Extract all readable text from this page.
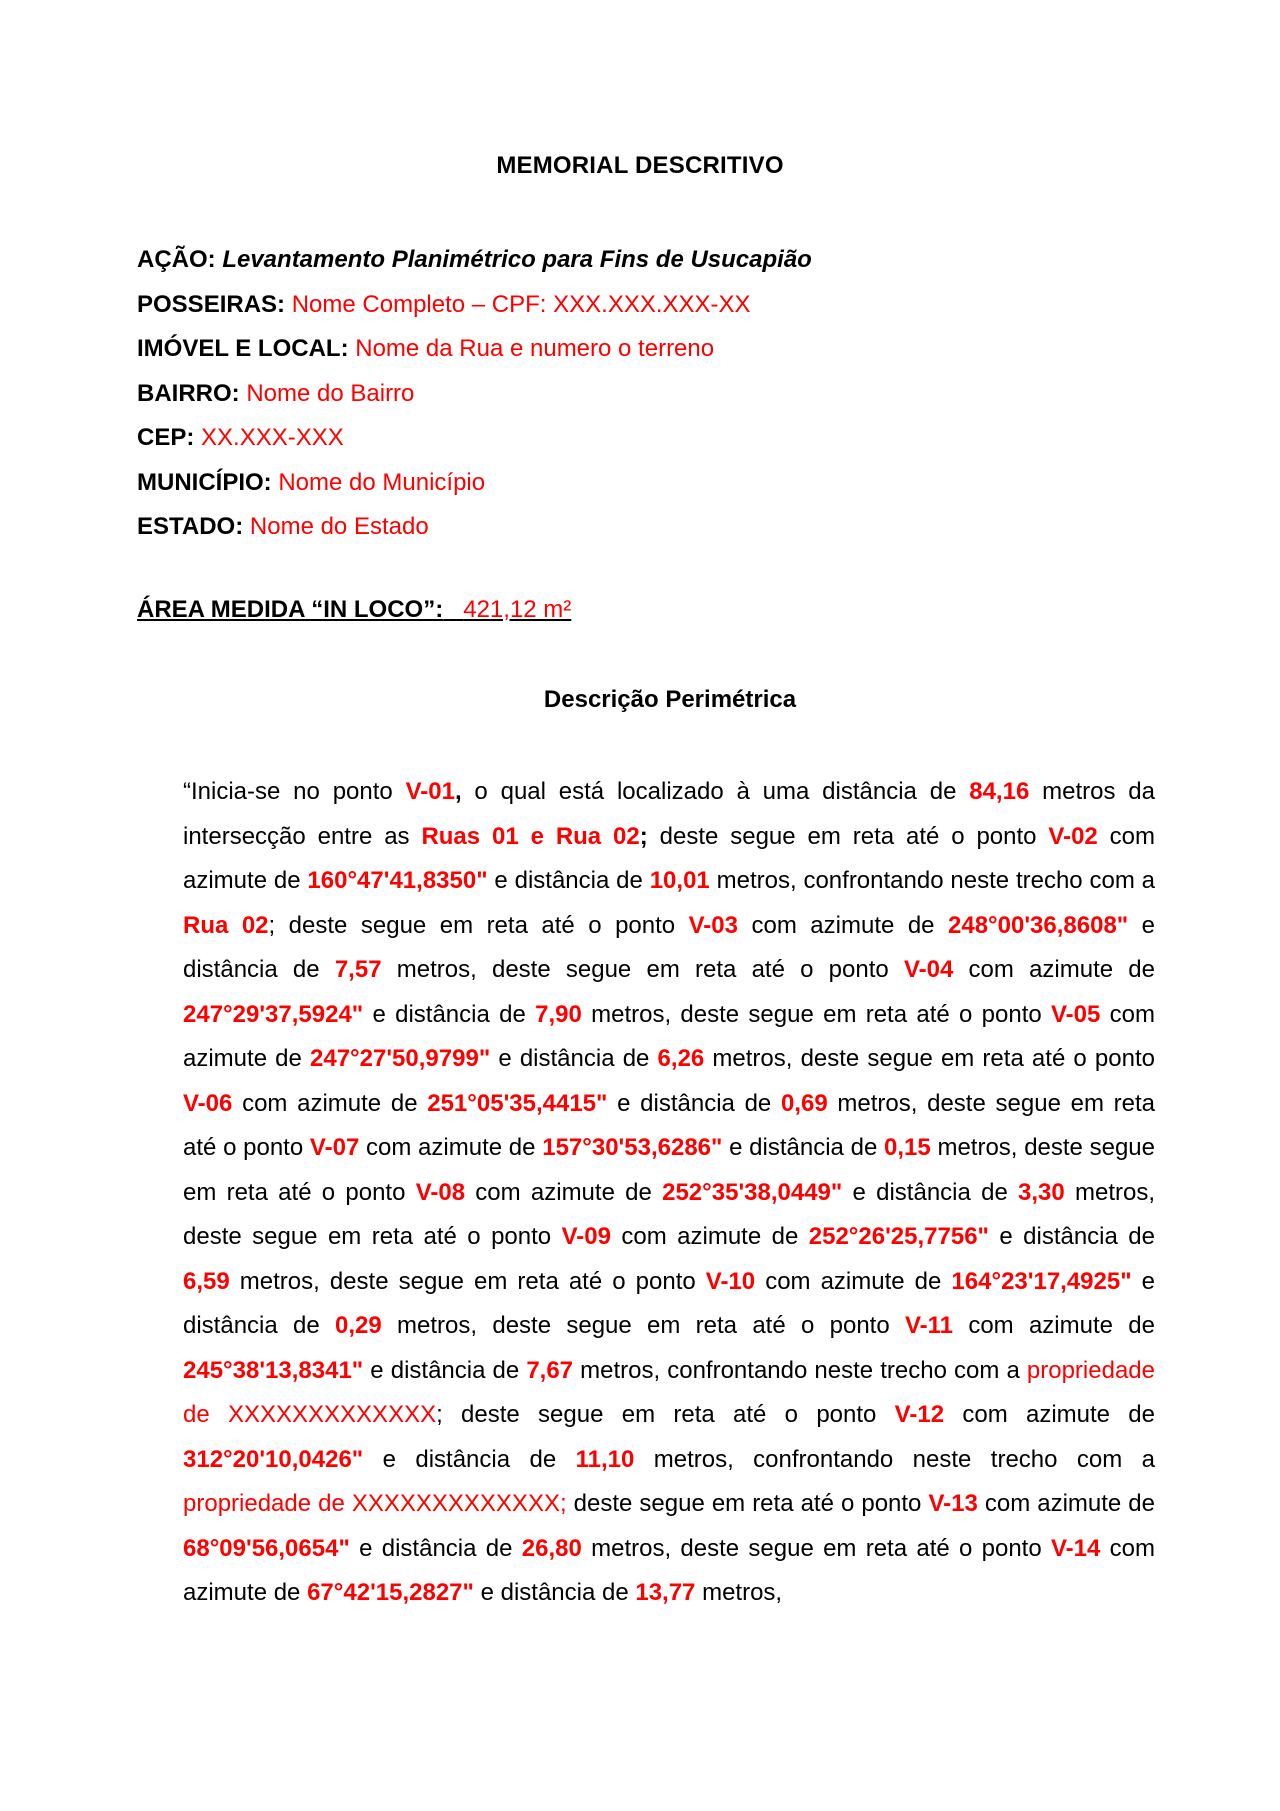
MEMORIAL DESCRITIVO
AÇÃO: Levantamento Planimétrico para Fins de Usucapião
POSSEIRAS: Nome Completo – CPF: XXX.XXX.XXX-XX
IMÓVEL E LOCAL: Nome da Rua e numero o terreno
BAIRRO: Nome do Bairro
CEP: XX.XXX-XXX
MUNICÍPIO: Nome do Município
ESTADO: Nome do Estado
ÁREA MEDIDA “IN LOCO”: 421,12 m²
Descrição Perimétrica
“Inicia-se no ponto V-01, o qual está localizado à uma distância de 84,16 metros da intersecção entre as Ruas 01 e Rua 02; deste segue em reta até o ponto V-02 com azimute de 160°47'41,8350" e distância de 10,01 metros, confrontando neste trecho com a Rua 02; deste segue em reta até o ponto V-03 com azimute de 248°00'36,8608" e distância de 7,57 metros, deste segue em reta até o ponto V-04 com azimute de 247°29'37,5924" e distância de 7,90 metros, deste segue em reta até o ponto V-05 com azimute de 247°27'50,9799" e distância de 6,26 metros, deste segue em reta até o ponto V-06 com azimute de 251°05'35,4415" e distância de 0,69 metros, deste segue em reta até o ponto V-07 com azimute de 157°30'53,6286" e distância de 0,15 metros, deste segue em reta até o ponto V-08 com azimute de 252°35'38,0449" e distância de 3,30 metros, deste segue em reta até o ponto V-09 com azimute de 252°26'25,7756" e distância de 6,59 metros, deste segue em reta até o ponto V-10 com azimute de 164°23'17,4925" e distância de 0,29 metros, deste segue em reta até o ponto V-11 com azimute de 245°38'13,8341" e distância de 7,67 metros, confrontando neste trecho com a propriedade de XXXXXXXXXXXXX; deste segue em reta até o ponto V-12 com azimute de 312°20'10,0426" e distância de 11,10 metros, confrontando neste trecho com a propriedade de XXXXXXXXXXXXX; deste segue em reta até o ponto V-13 com azimute de 68°09'56,0654" e distância de 26,80 metros, deste segue em reta até o ponto V-14 com azimute de 67°42'15,2827" e distância de 13,77 metros,
